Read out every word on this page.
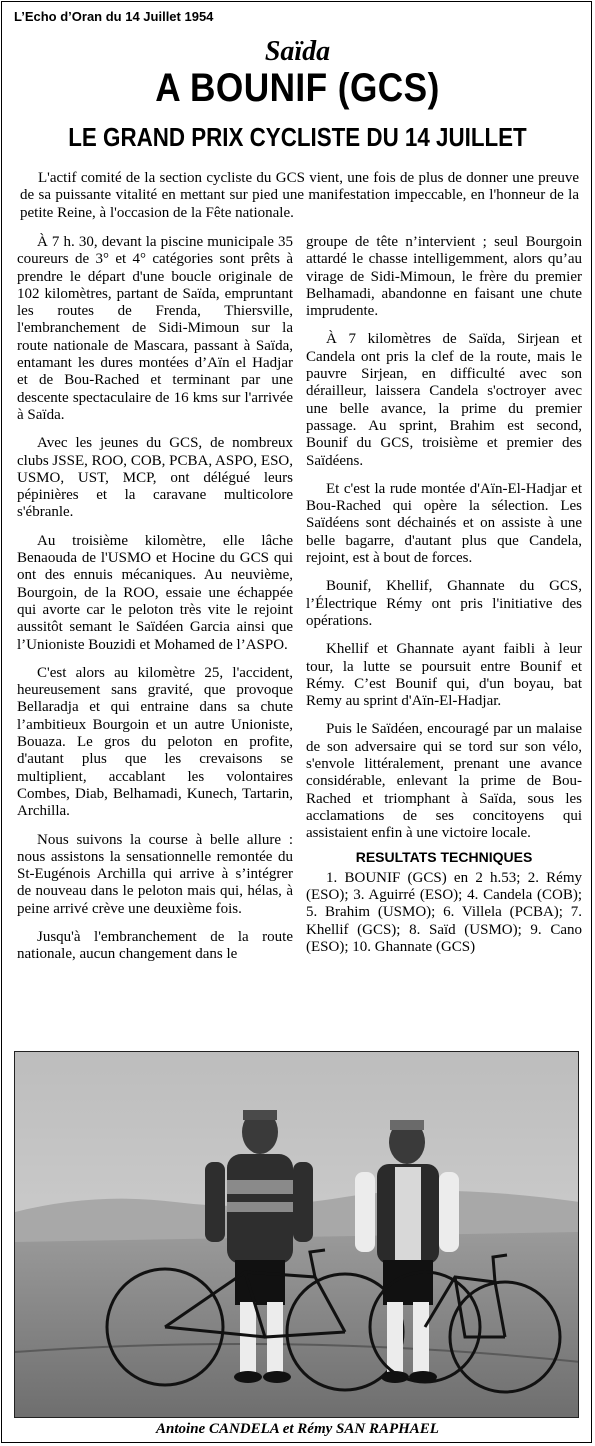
L’Echo d’Oran du 14 Juillet 1954
Saïda
A BOUNIF (GCS)
LE GRAND PRIX CYCLISTE DU 14 JUILLET
L'actif comité de la section cycliste du GCS vient, une fois de plus de donner une preuve de sa puissante vitalité en mettant sur pied une manifestation impeccable, en l'honneur de la petite Reine, à l'occasion de la Fête nationale.

À 7 h. 30, devant la piscine municipale 35 coureurs de 3° et 4° catégories sont prêts à prendre le départ d'une boucle originale de 102 kilomètres, partant de Saïda, empruntant les routes de Frenda, Thiersville, l'embranchement de Sidi-Mimoun sur la route nationale de Mascara, passant à Saïda, entamant les dures montées d’Aïn el Hadjar et de Bou-Rached et terminant par une descente spectaculaire de 16 kms sur l'arrivée à Saïda.

Avec les jeunes du GCS, de nombreux clubs JSSE, ROO, COB, PCBA, ASPO, ESO, USMO, UST, MCP, ont délégué leurs pépinières et la caravane multicolore s'ébranle.

Au troisième kilomètre, elle lâche Benaouda de l'USMO et Hocine du GCS qui ont des ennuis mécaniques. Au neuvième, Bourgoin, de la ROO, essaie une échappée qui avorte car le peloton très vite le rejoint aussitôt semant le Saïdéen Garcia ainsi que l’Unioniste Bouzidi et Mohamed de l’ASPO.

C'est alors au kilomètre 25, l'accident, heureusement sans gravité, que provoque Bellaradja et qui entraine dans sa chute l’ambitieux Bourgoin et un autre Unioniste, Bouaza. Le gros du peloton en profite, d'autant plus que les crevaisons se multiplient, accablant les volontaires Combes, Diab, Belhamadi, Kunech, Tartarin, Archilla.

Nous suivons la course à belle allure : nous assistons la sensationnelle remontée du St-Eugénois Archilla qui arrive à s’intégrer de nouveau dans le peloton mais qui, hélas, à peine arrivé crève une deuxième fois.

Jusqu'à l'embranchement de la route nationale, aucun changement dans le

groupe de tête n’intervient ; seul Bourgoin attardé le chasse intelligemment, alors qu’au virage de Sidi-Mimoun, le frère du premier Belhamadi, abandonne en faisant une chute imprudente.

À 7 kilomètres de Saïda, Sirjean et Candela ont pris la clef de la route, mais le pauvre Sirjean, en difficulté avec son dérailleur, laissera Candela s'octroyer avec une belle avance, la prime du premier passage. Au sprint, Brahim est second, Bounif du GCS, troisième et premier des Saïdéens.

Et c'est la rude montée d'Aïn-El-Hadjar et Bou-Rached qui opère la sélection. Les Saïdéens sont déchainés et on assiste à une belle bagarre, d'autant plus que Candela, rejoint, est à bout de forces.

Bounif, Khellif, Ghannate du GCS, l’Électrique Rémy ont pris l'initiative des opérations.

Khellif et Ghannate ayant faibli à leur tour, la lutte se poursuit entre Bounif et Rémy. C’est Bounif qui, d'un boyau, bat Remy au sprint d'Aïn-El-Hadjar.

Puis le Saïdéen, encouragé par un malaise de son adversaire qui se tord sur son vélo, s'envole littéralement, prenant une avance considérable, enlevant la prime de Bou-Rached et triomphant à Saïda, sous les acclamations de ses concitoyens qui assistaient enfin à une victoire locale.

RESULTATS TECHNIQUES

1. BOUNIF (GCS) en 2 h.53; 2. Rémy (ESO); 3. Aguirré (ESO); 4. Candela (COB); 5. Brahim (USMO); 6. Villela (PCBA); 7. Khellif (GCS); 8. Saïd (USMO); 9. Cano (ESO); 10. Ghannate (GCS)

Antoine CANDELA et Rémy SAN RAPHAEL
